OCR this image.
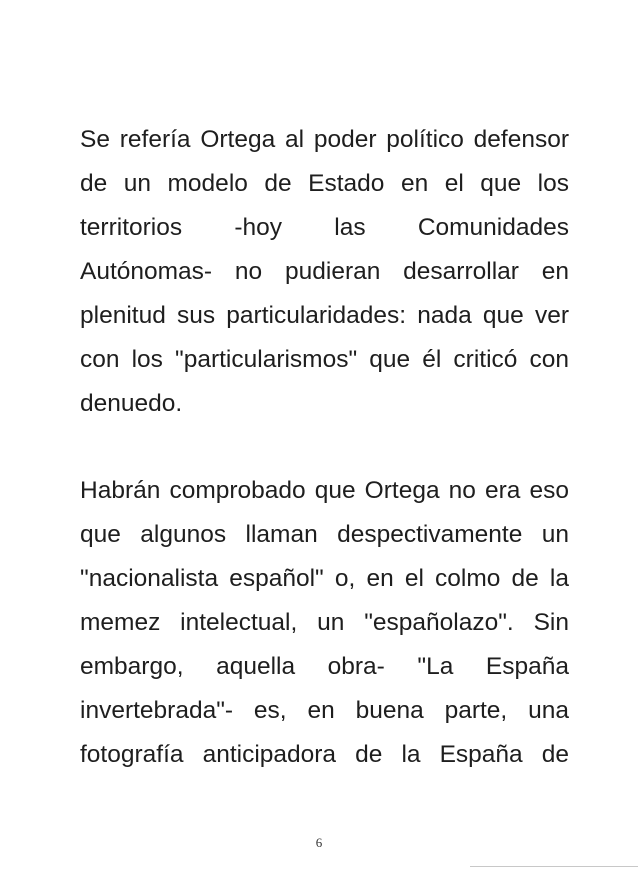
Se refería Ortega al poder político defensor
de un modelo de Estado en el que los
territorios -hoy las Comunidades
Autónomas- no pudieran desarrollar en
plenitud sus particularidades: nada que ver
con los "particularismos" que él criticó con
denuedo.
Habrán comprobado que Ortega no era eso
que algunos llaman despectivamente un
"nacionalista español" o, en el colmo de la
memez intelectual, un "españolazo". Sin
embargo, aquella obra- "La España
invertebrada"- es, en buena parte, una
fotografía anticipadora de la España de
6
